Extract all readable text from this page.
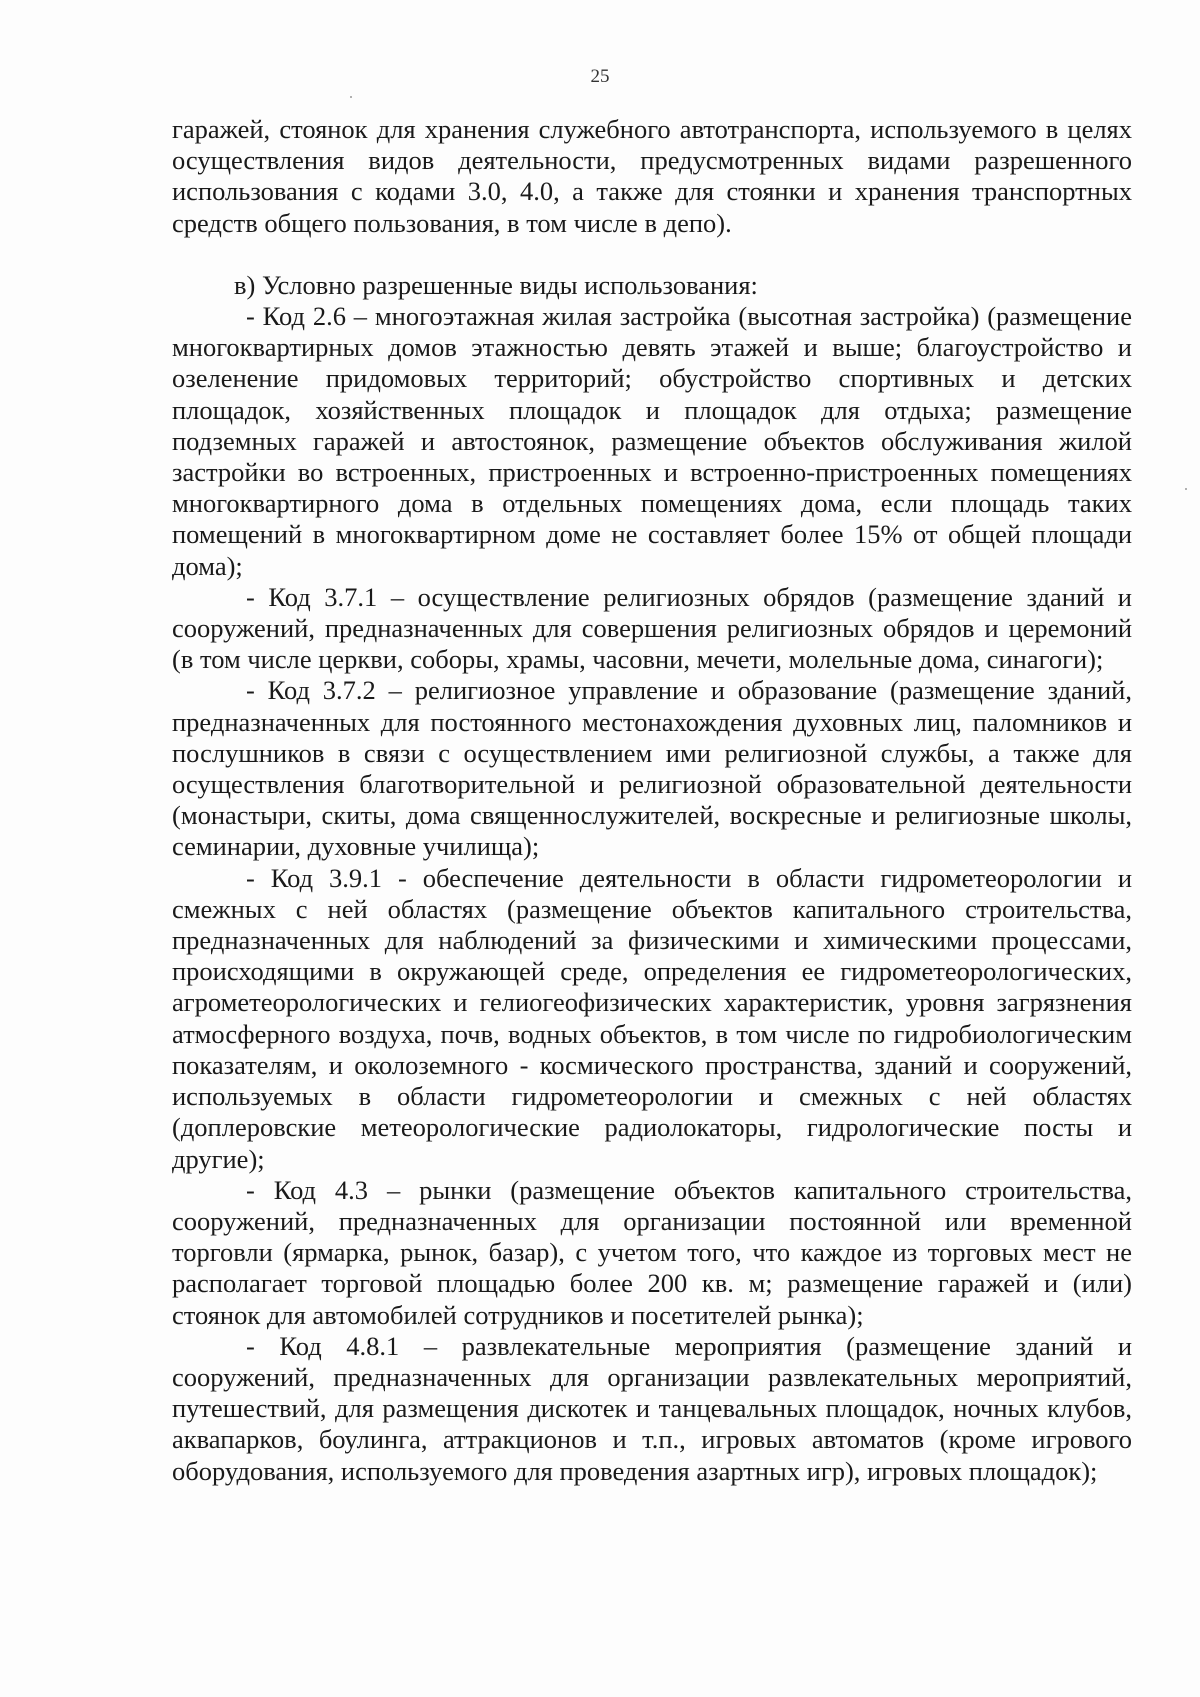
25

гаражей, стоянок для хранения служебного автотранспорта, используемого в целях осуществления видов деятельности, предусмотренных видами разрешенного использования с кодами 3.0, 4.0, а также для стоянки и хранения транспортных средств общего пользования, в том числе в депо).

в) Условно разрешенные виды использования:

- Код 2.6 – многоэтажная жилая застройка (высотная застройка) (размещение многоквартирных домов этажностью девять этажей и выше; благоустройство и озеленение придомовых территорий; обустройство спортивных и детских площадок, хозяйственных площадок и площадок для отдыха; размещение подземных гаражей и автостоянок, размещение объектов обслуживания жилой застройки во встроенных, пристроенных и встроенно-пристроенных помещениях многоквартирного дома в отдельных помещениях дома, если площадь таких помещений в многоквартирном доме не составляет более 15% от общей площади дома);

- Код 3.7.1 – осуществление религиозных обрядов (размещение зданий и сооружений, предназначенных для совершения религиозных обрядов и церемоний (в том числе церкви, соборы, храмы, часовни, мечети, молельные дома, синагоги);

- Код 3.7.2 – религиозное управление и образование (размещение зданий, предназначенных для постоянного местонахождения духовных лиц, паломников и послушников в связи с осуществлением ими религиозной службы, а также для осуществления благотворительной и религиозной образовательной деятельности (монастыри, скиты, дома священнослужителей, воскресные и религиозные школы, семинарии, духовные училища);

- Код 3.9.1 - обеспечение деятельности в области гидрометеорологии и смежных с ней областях (размещение объектов капитального строительства, предназначенных для наблюдений за физическими и химическими процессами, происходящими в окружающей среде, определения ее гидрометеорологических, агрометеорологических и гелиогеофизических характеристик, уровня загрязнения атмосферного воздуха, почв, водных объектов, в том числе по гидробиологическим показателям, и околоземного - космического пространства, зданий и сооружений, используемых в области гидрометеорологии и смежных с ней областях (доплеровские метеорологические радиолокаторы, гидрологические посты и другие);

- Код 4.3 – рынки (размещение объектов капитального строительства, сооружений, предназначенных для организации постоянной или временной торговли (ярмарка, рынок, базар), с учетом того, что каждое из торговых мест не располагает торговой площадью более 200 кв. м; размещение гаражей и (или) стоянок для автомобилей сотрудников и посетителей рынка);

- Код 4.8.1 – развлекательные мероприятия (размещение зданий и сооружений, предназначенных для организации развлекательных мероприятий, путешествий, для размещения дискотек и танцевальных площадок, ночных клубов, аквапарков, боулинга, аттракционов и т.п., игровых автоматов (кроме игрового оборудования, используемого для проведения азартных игр), игровых площадок);
